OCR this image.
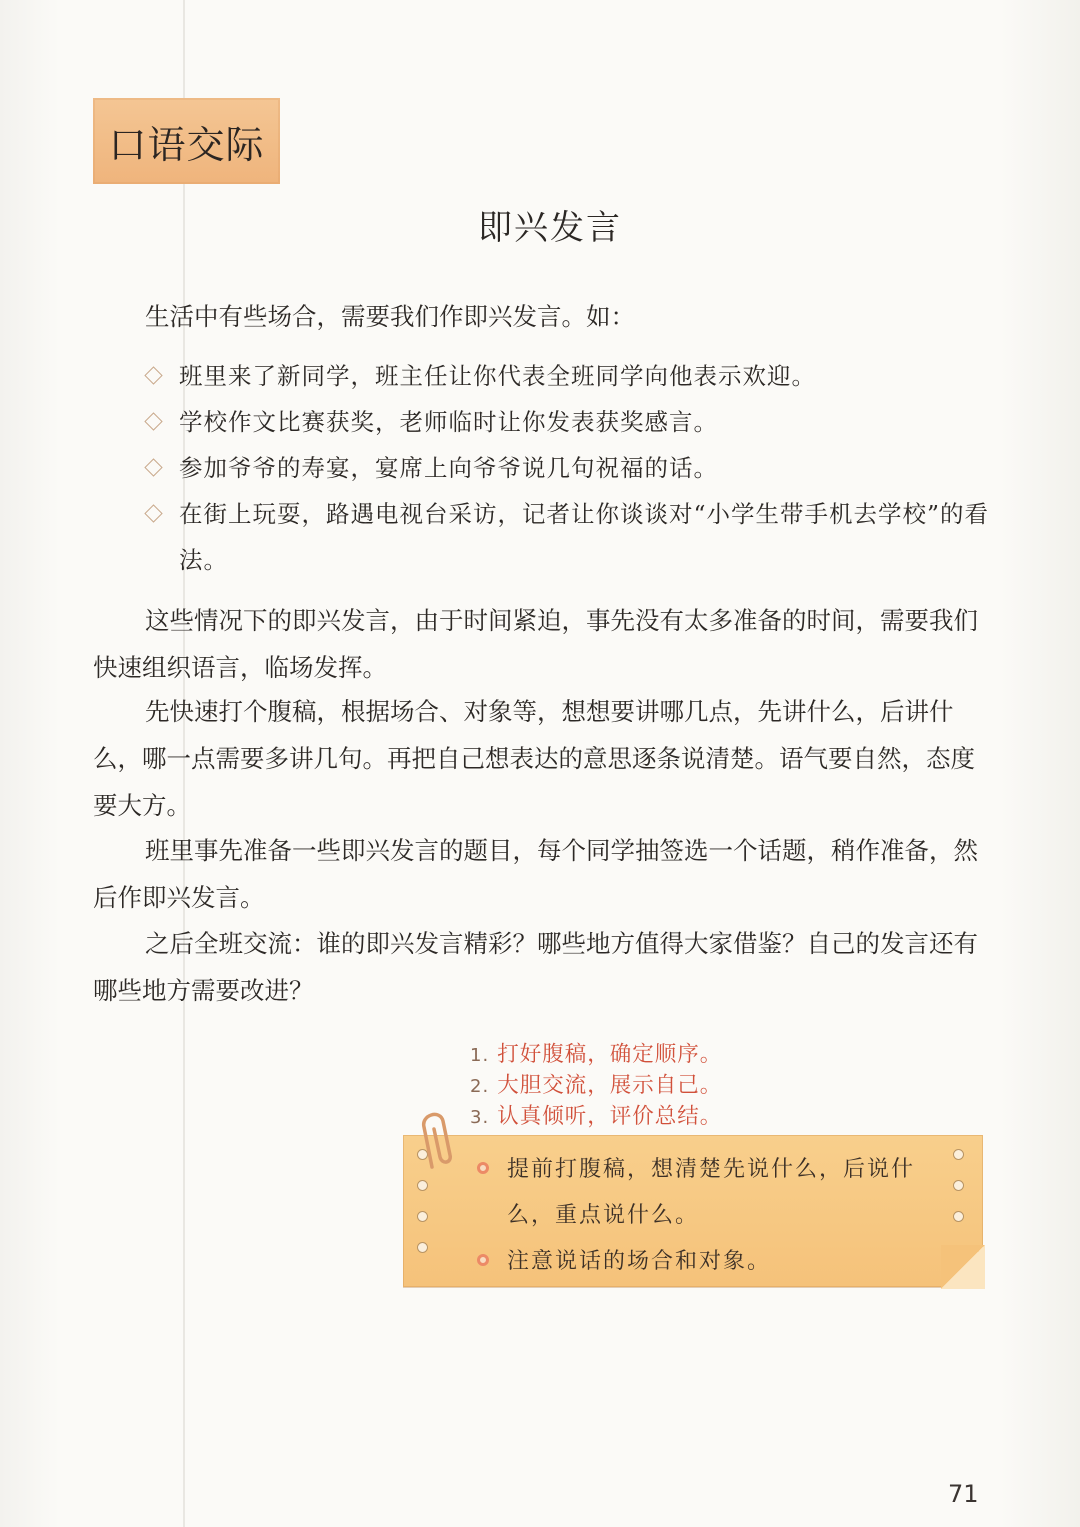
口语交际
即兴发言

生活中有些场合，需要我们作即兴发言。如：

班里来了新同学，班主任让你代表全班同学向他表示欢迎。
学校作文比赛获奖，老师临时让你发表获奖感言。
参加爷爷的寿宴，宴席上向爷爷说几句祝福的话。
在街上玩耍，路遇电视台采访，记者让你谈谈对“小学生带手机去学校”的看法。

这些情况下的即兴发言，由于时间紧迫，事先没有太多准备的时间，需要我们快速组织语言，临场发挥。

先快速打个腹稿，根据场合、对象等，想想要讲哪几点，先讲什么，后讲什么，哪一点需要多讲几句。再把自己想表达的意思逐条说清楚。语气要自然，态度要大方。

班里事先准备一些即兴发言的题目，每个同学抽签选一个话题，稍作准备，然后作即兴发言。

之后全班交流：谁的即兴发言精彩？哪些地方值得大家借鉴？自己的发言还有哪些地方需要改进？

1. 打好腹稿，确定顺序。
2. 大胆交流，展示自己。
3. 认真倾听，评价总结。
提前打腹稿，想清楚先说什么，后说什么，重点说什么。
注意说话的场合和对象。
71
